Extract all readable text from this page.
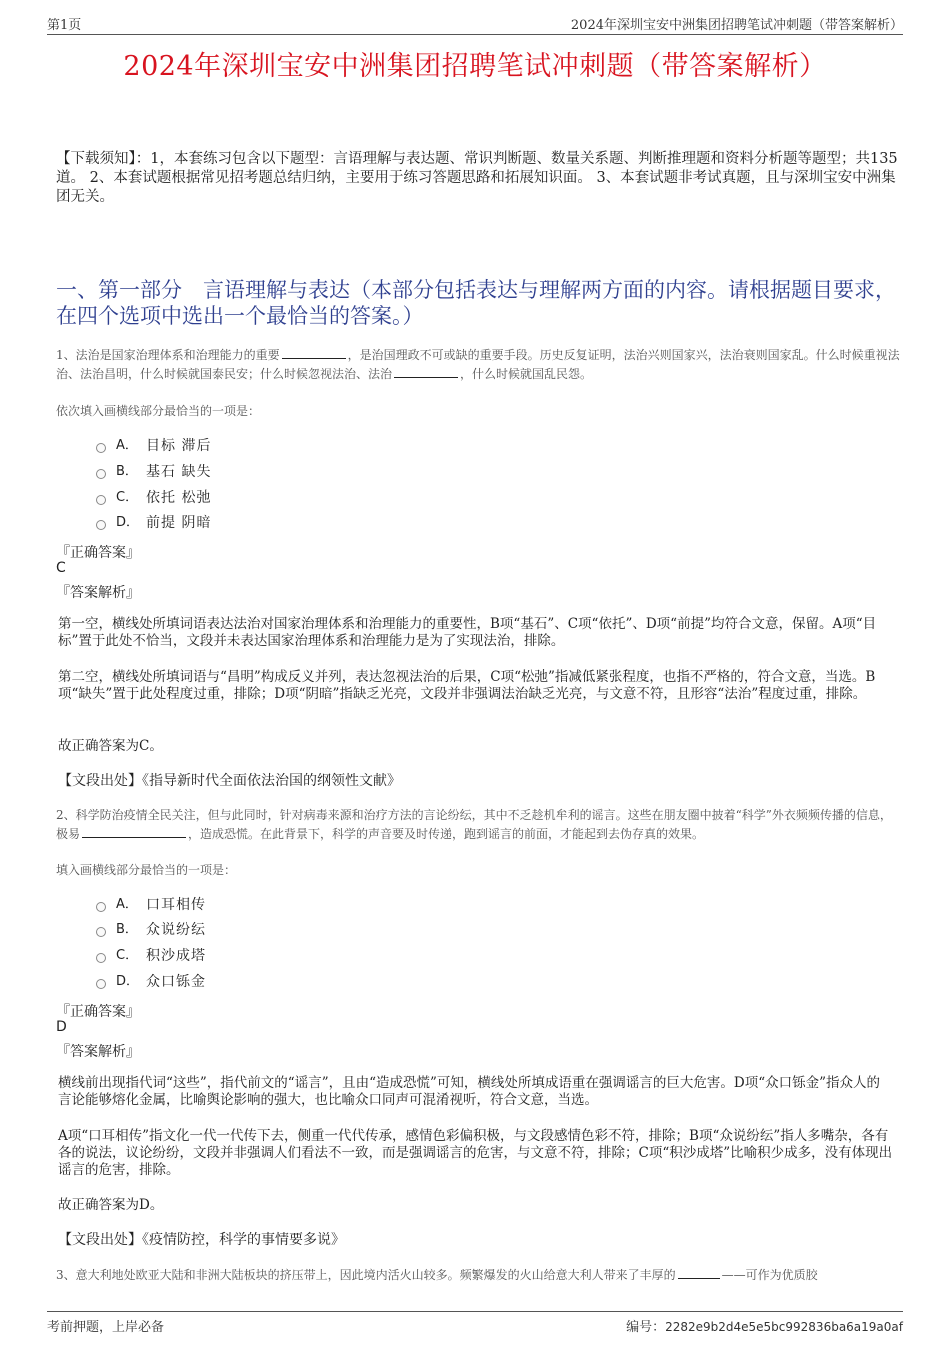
第1页	2024年深圳宝安中洲集团招聘笔试冲刺题（带答案解析）
2024年深圳宝安中洲集团招聘笔试冲刺题（带答案解析）
【下载须知】：1，本套练习包含以下题型：言语理解与表达题、常识判断题、数量关系题、判断推理题和资料分析题等题型；共135道。 2、本套试题根据常见招考题总结归纳，主要用于练习答题思路和拓展知识面。 3、本套试题非考试真题，且与深圳宝安中洲集团无关。
一、第一部分　言语理解与表达（本部分包括表达与理解两方面的内容。请根据题目要求，在四个选项中选出一个最恰当的答案。）
1、法治是国家治理体系和治理能力的重要	，是治国理政不可或缺的重要手段。历史反复证明，法治兴则国家兴，法治衰则国家乱。什么时候重视法治、法治昌明，什么时候就国泰民安；什么时候忽视法治、法治	，什么时候就国乱民怨。
依次填入画横线部分最恰当的一项是：
A． 目标 滞后
B． 基石 缺失
C． 依托 松弛
D． 前提 阴暗
『正确答案』
C
『答案解析』
第一空，横线处所填词语表达法治对国家治理体系和治理能力的重要性，B项“基石”、C项“依托”、D项“前提”均符合文意，保留。A项“目标”置于此处不恰当，文段并未表达国家治理体系和治理能力是为了实现法治，排除。
第二空，横线处所填词语与“昌明”构成反义并列，表达忽视法治的后果，C项“松弛”指减低紧张程度，也指不严格的，符合文意，当选。B项“缺失”置于此处程度过重，排除；D项“阴暗”指缺乏光亮，文段并非强调法治缺乏光亮，与文意不符，且形容“法治”程度过重，排除。
故正确答案为C。
【文段出处】《指导新时代全面依法治国的纲领性文献》
2、科学防治疫情全民关注，但与此同时，针对病毒来源和治疗方法的言论纷纭，其中不乏趁机牟利的谣言。这些在朋友圈中披着“科学”外衣频频传播的信息，极易	，造成恐慌。在此背景下，科学的声音要及时传递，跑到谣言的前面，才能起到去伪存真的效果。
填入画横线部分最恰当的一项是：
A． 口耳相传
B． 众说纷纭
C． 积沙成塔
D． 众口铄金
『正确答案』
D
『答案解析』
横线前出现指代词“这些”，指代前文的“谣言”，且由“造成恐慌”可知，横线处所填成语重在强调谣言的巨大危害。D项“众口铄金”指众人的言论能够熔化金属，比喻舆论影响的强大，也比喻众口同声可混淆视听，符合文意，当选。
A项“口耳相传”指文化一代一代传下去，侧重一代代传承，感情色彩偏积极，与文段感情色彩不符，排除；B项“众说纷纭”指人多嘴杂，各有各的说法，议论纷纷，文段并非强调人们看法不一致，而是强调谣言的危害，与文意不符，排除；C项“积沙成塔”比喻积少成多，没有体现出谣言的危害，排除。
故正确答案为D。
【文段出处】《疫情防控，科学的事情要多说》
3、意大利地处欧亚大陆和非洲大陆板块的挤压带上，因此境内活火山较多。频繁爆发的火山给意大利人带来了丰厚的	——可作为优质胶
考前押题，上岸必备	编号：2282e9b2d4e5e5bc992836ba6a19a0af
